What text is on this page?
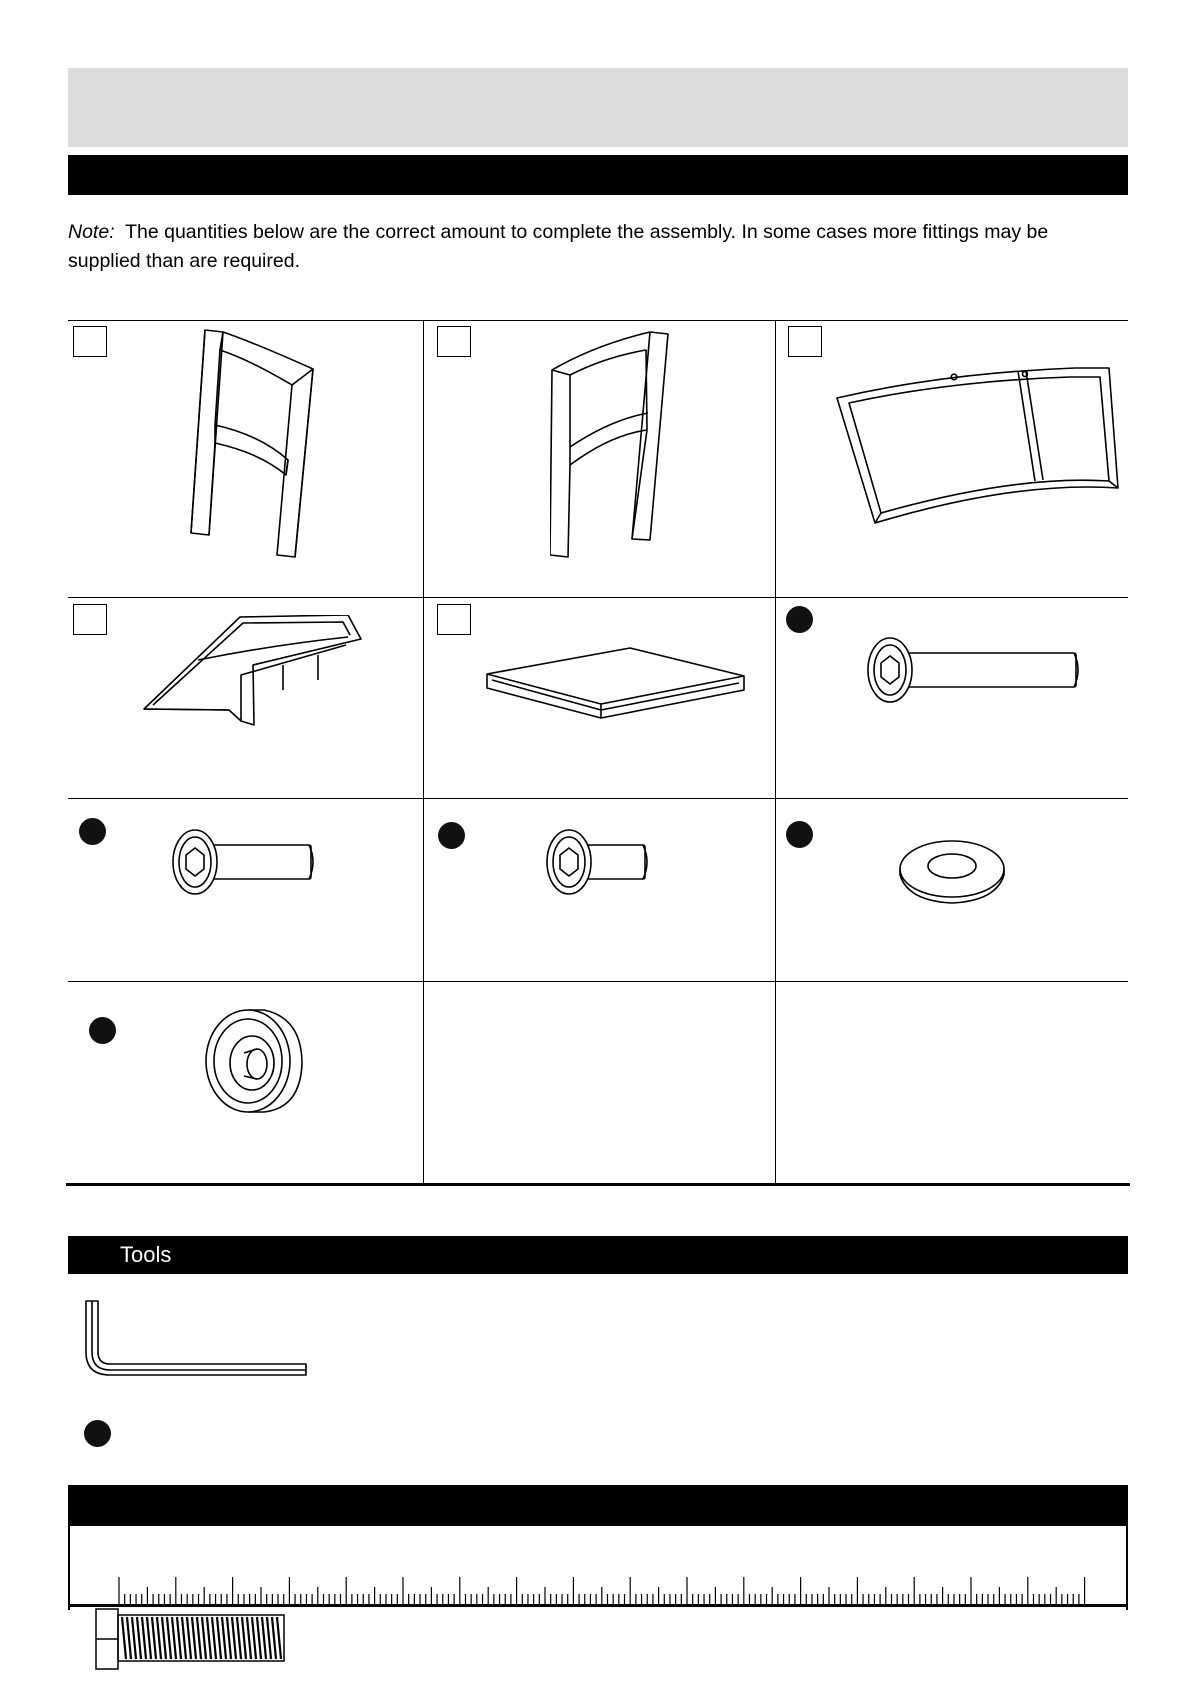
Note: The quantities below are the correct amount to complete the assembly. In some cases more fittings may be supplied than are required.
Tools
